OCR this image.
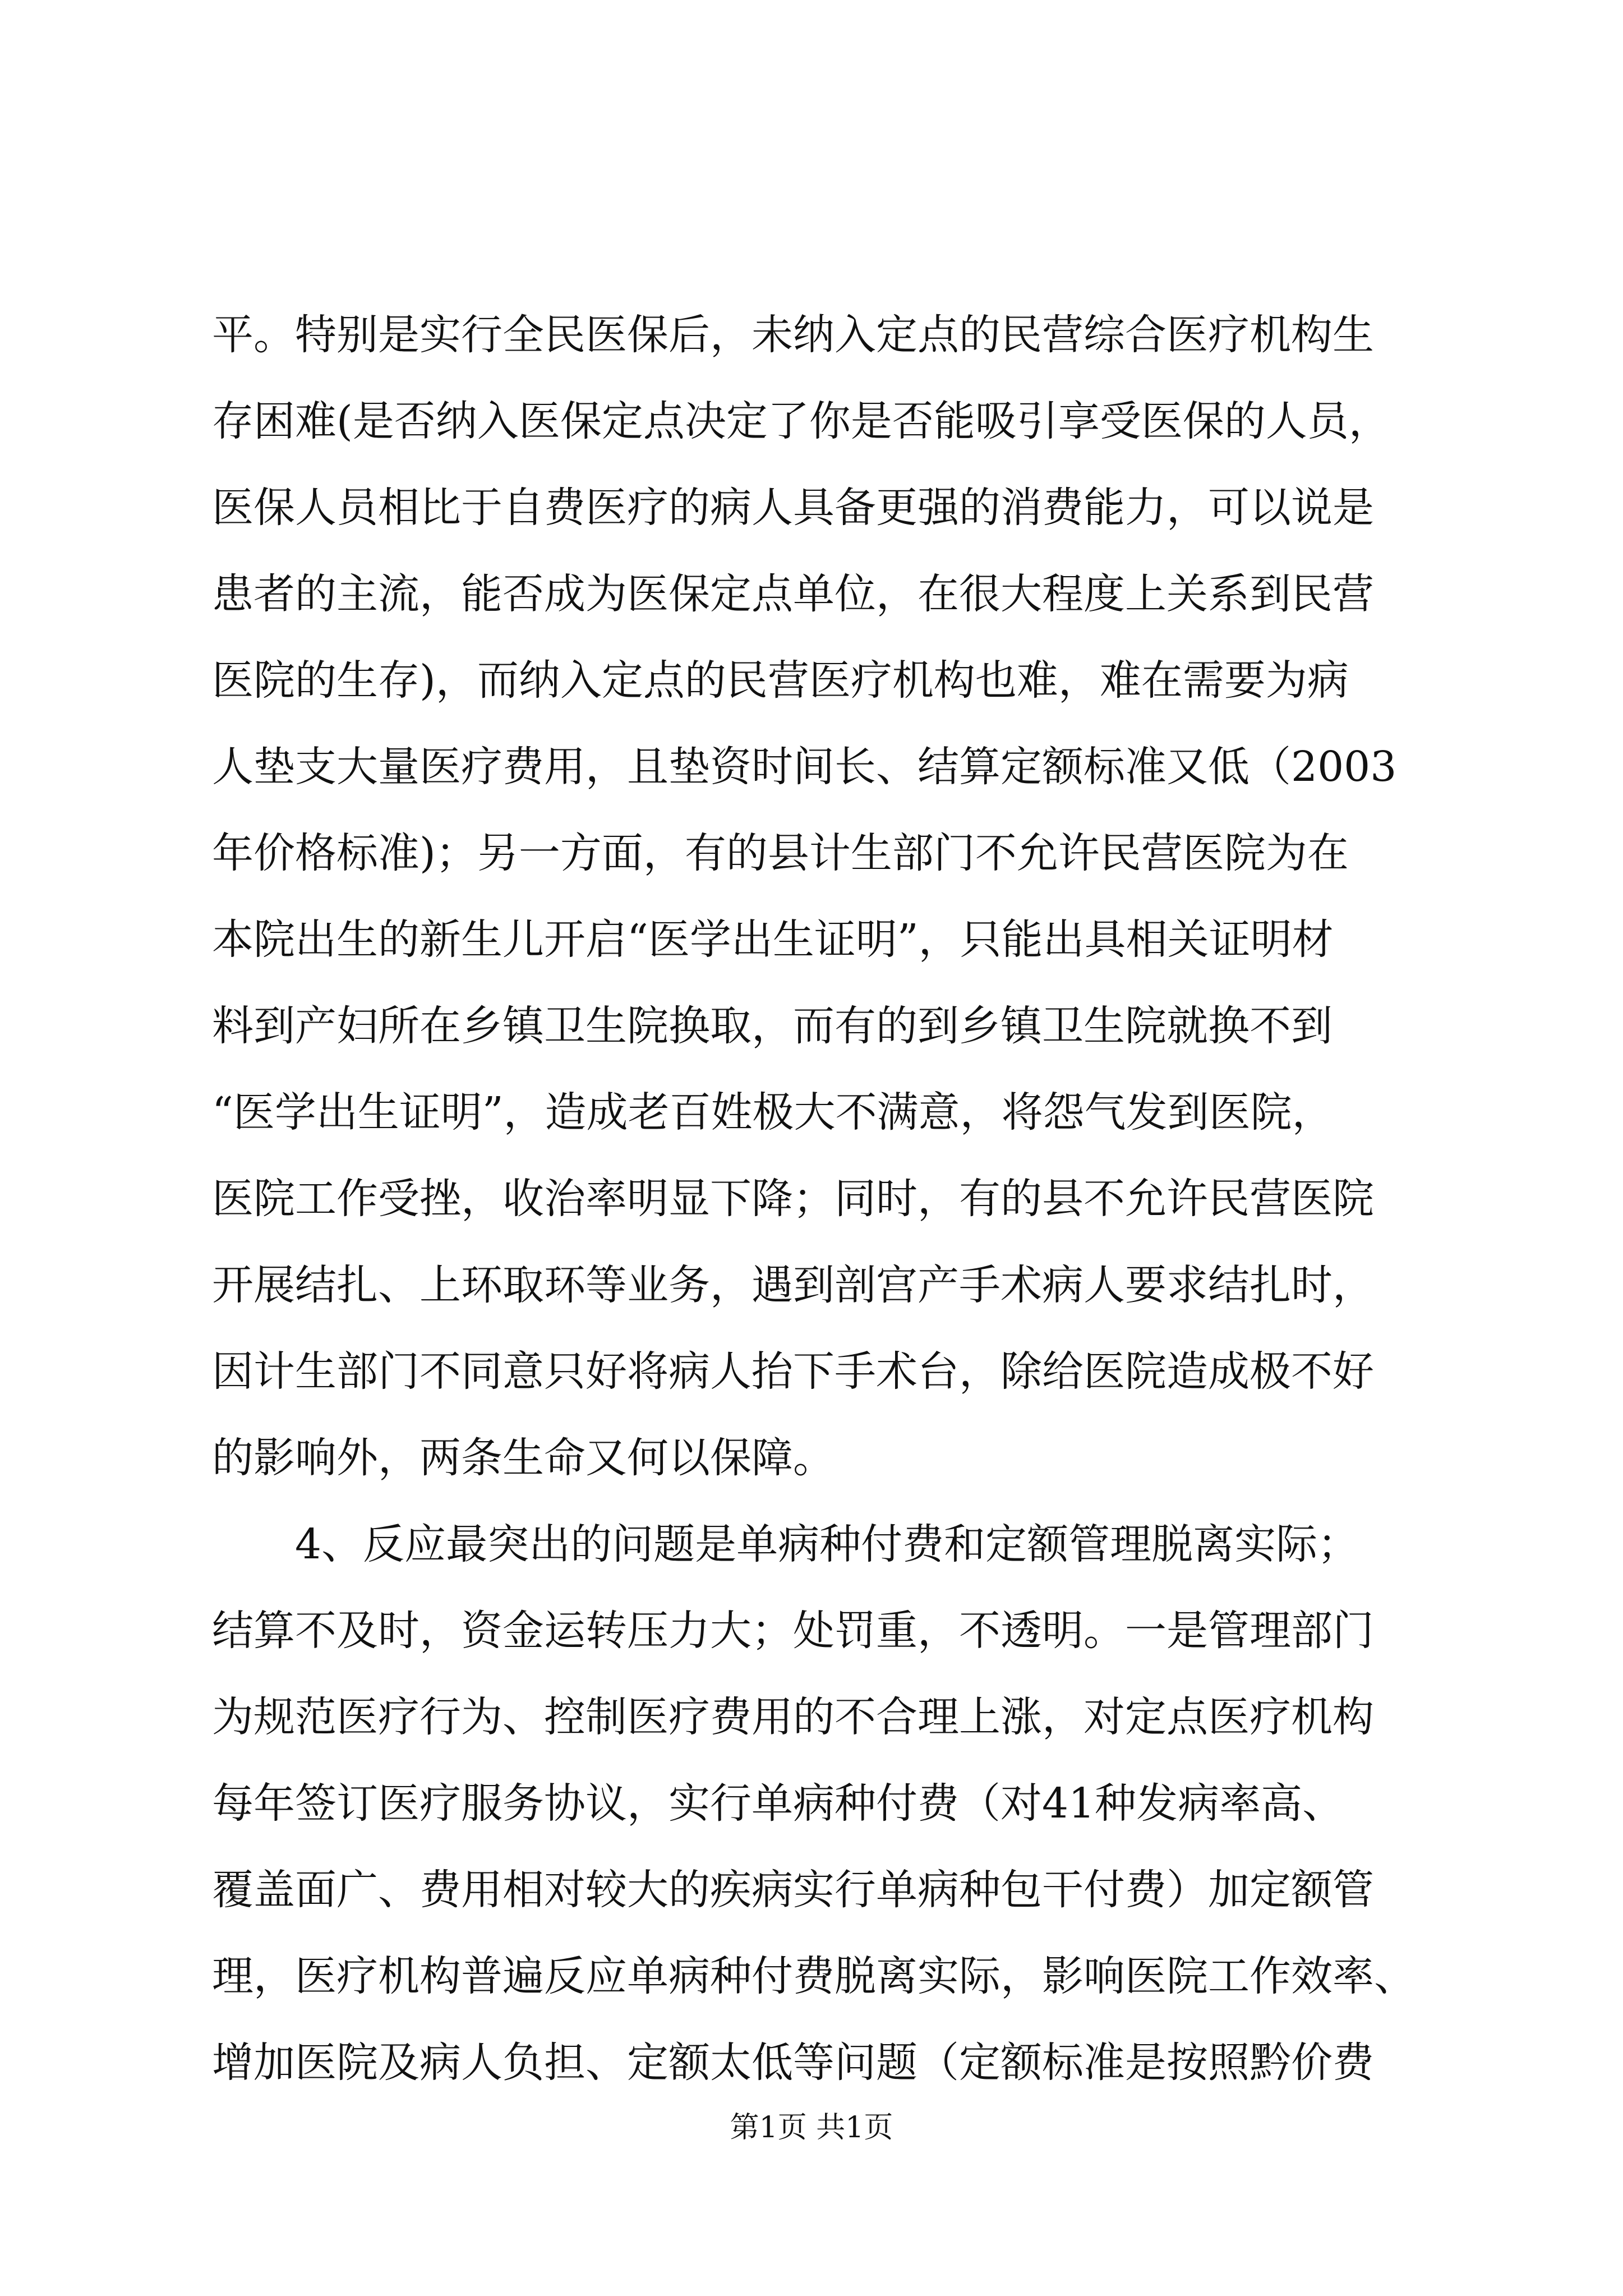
平。特别是实行全民医保后，未纳入定点的民营综合医疗机构生
存困难(是否纳入医保定点决定了你是否能吸引享受医保的人员，
医保人员相比于自费医疗的病人具备更强的消费能力，可以说是
患者的主流，能否成为医保定点单位，在很大程度上关系到民营
医院的生存)，而纳入定点的民营医疗机构也难，难在需要为病
人垫支大量医疗费用，且垫资时间长、结算定额标准又低（2003
年价格标准)；另一方面，有的县计生部门不允许民营医院为在
本院出生的新生儿开启“医学出生证明”，只能出具相关证明材
料到产妇所在乡镇卫生院换取，而有的到乡镇卫生院就换不到
“医学出生证明”，造成老百姓极大不满意，将怨气发到医院，
医院工作受挫，收治率明显下降；同时，有的县不允许民营医院
开展结扎、上环取环等业务，遇到剖宫产手术病人要求结扎时，
因计生部门不同意只好将病人抬下手术台，除给医院造成极不好
的影响外，两条生命又何以保障。
　　4、反应最突出的问题是单病种付费和定额管理脱离实际；
结算不及时，资金运转压力大；处罚重，不透明。一是管理部门
为规范医疗行为、控制医疗费用的不合理上涨，对定点医疗机构
每年签订医疗服务协议，实行单病种付费（对41种发病率高、
覆盖面广、费用相对较大的疾病实行单病种包干付费）加定额管
理，医疗机构普遍反应单病种付费脱离实际，影响医院工作效率、
增加医院及病人负担、定额太低等问题（定额标准是按照黔价费
第1页 共1页
